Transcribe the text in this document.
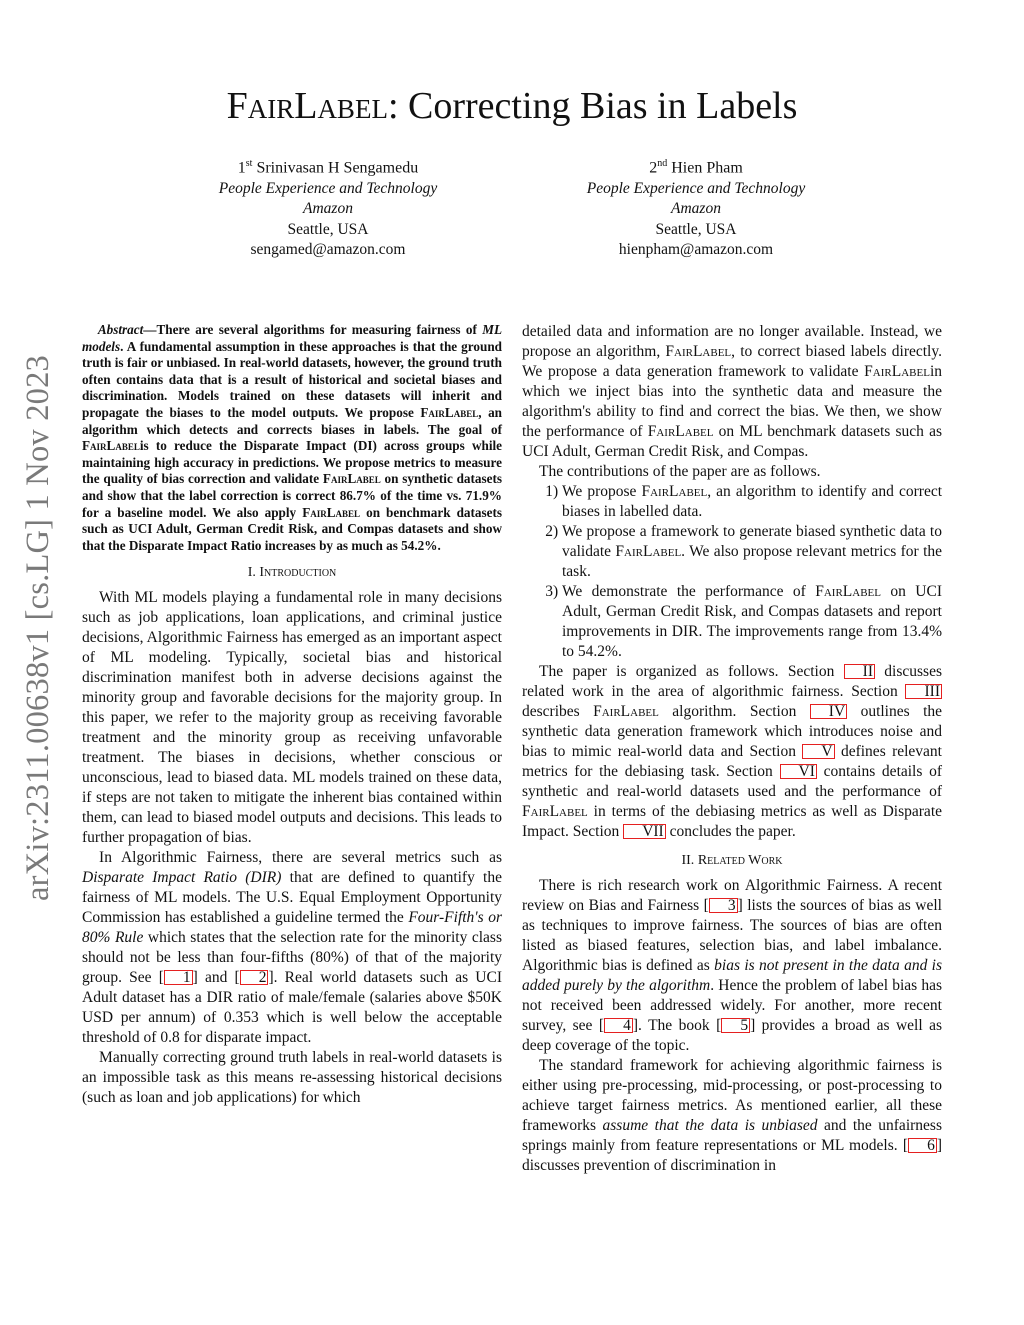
arXiv:2311.00638v1 [cs.LG] 1 Nov 2023
FairLabel: Correcting Bias in Labels
1st Srinivasan H Sengamedu
People Experience and Technology
Amazon
Seattle, USA
sengamed@amazon.com
2nd Hien Pham
People Experience and Technology
Amazon
Seattle, USA
hienpham@amazon.com

Abstract—There are several algorithms for measuring fairness of ML models. A fundamental assumption in these approaches is that the ground truth is fair or unbiased. In real-world datasets, however, the ground truth often contains data that is a result of historical and societal biases and discrimination. Models trained on these datasets will inherit and propagate the biases to the model outputs. We propose FairLabel, an algorithm which detects and corrects biases in labels. The goal of FairLabelis to reduce the Disparate Impact (DI) across groups while maintaining high accuracy in predictions. We propose metrics to measure the quality of bias correction and validate FairLabel on synthetic datasets and show that the label correction is correct 86.7% of the time vs. 71.9% for a baseline model. We also apply FairLabel on benchmark datasets such as UCI Adult, German Credit Risk, and Compas datasets and show that the Disparate Impact Ratio increases by as much as 54.2%.

I. Introduction

With ML models playing a fundamental role in many decisions such as job applications, loan applications, and criminal justice decisions, Algorithmic Fairness has emerged as an important aspect of ML modeling. Typically, societal bias and historical discrimination manifest both in adverse decisions against the minority group and favorable decisions for the majority group. In this paper, we refer to the majority group as receiving favorable treatment and the minority group as receiving unfavorable treatment. The biases in decisions, whether conscious or unconscious, lead to biased data. ML models trained on these data, if steps are not taken to mitigate the inherent bias contained within them, can lead to biased model outputs and decisions. This leads to further propagation of bias.

In Algorithmic Fairness, there are several metrics such as Disparate Impact Ratio (DIR) that are defined to quantify the fairness of ML models. The U.S. Equal Employment Opportunity Commission has established a guideline termed the Four-Fifth's or 80% Rule which states that the selection rate for the minority class should not be less than four-fifths (80%) of that of the majority group. See [ 1 ] and [ 2 ]. Real world datasets such as UCI Adult dataset has a DIR ratio of male/female (salaries above $50K USD per annum) of 0.353 which is well below the acceptable threshold of 0.8 for disparate impact.

Manually correcting ground truth labels in real-world datasets is an impossible task as this means re-assessing historical decisions (such as loan and job applications) for which

detailed data and information are no longer available. Instead, we propose an algorithm, FairLabel, to correct biased labels directly. We propose a data generation framework to validate FairLabelin which we inject bias into the synthetic data and measure the algorithm's ability to find and correct the bias. We then, we show the performance of FairLabel on ML benchmark datasets such as UCI Adult, German Credit Risk, and Compas.

The contributions of the paper are as follows.

1. We propose FairLabel, an algorithm to identify and correct biases in labelled data.
2. We propose a framework to generate biased synthetic data to validate FairLabel. We also propose relevant metrics for the task.
3. We demonstrate the performance of FairLabel on UCI Adult, German Credit Risk, and Compas datasets and report improvements in DIR. The improvements range from 13.4% to 54.2%.

The paper is organized as follows. Section II discusses related work in the area of algorithmic fairness. Section III describes FairLabel algorithm. Section IV outlines the synthetic data generation framework which introduces noise and bias to mimic real-world data and Section V defines relevant metrics for the debiasing task. Section VI contains details of synthetic and real-world datasets used and the performance of FairLabel in terms of the debiasing metrics as well as Disparate Impact. Section VII concludes the paper.

II. Related Work

There is rich research work on Algorithmic Fairness. A recent review on Bias and Fairness [ 3 ] lists the sources of bias as well as techniques to improve fairness. The sources of bias are often listed as biased features, selection bias, and label imbalance. Algorithmic bias is defined as bias is not present in the data and is added purely by the algorithm. Hence the problem of label bias has not received been addressed widely. For another, more recent survey, see [ 4 ]. The book [ 5 ] provides a broad as well as deep coverage of the topic.

The standard framework for achieving algorithmic fairness is either using pre-processing, mid-processing, or post-processing to achieve target fairness metrics. As mentioned earlier, all these frameworks assume that the data is unbiased and the unfairness springs mainly from feature representations or ML models. [ 6 ] discusses prevention of discrimination in
